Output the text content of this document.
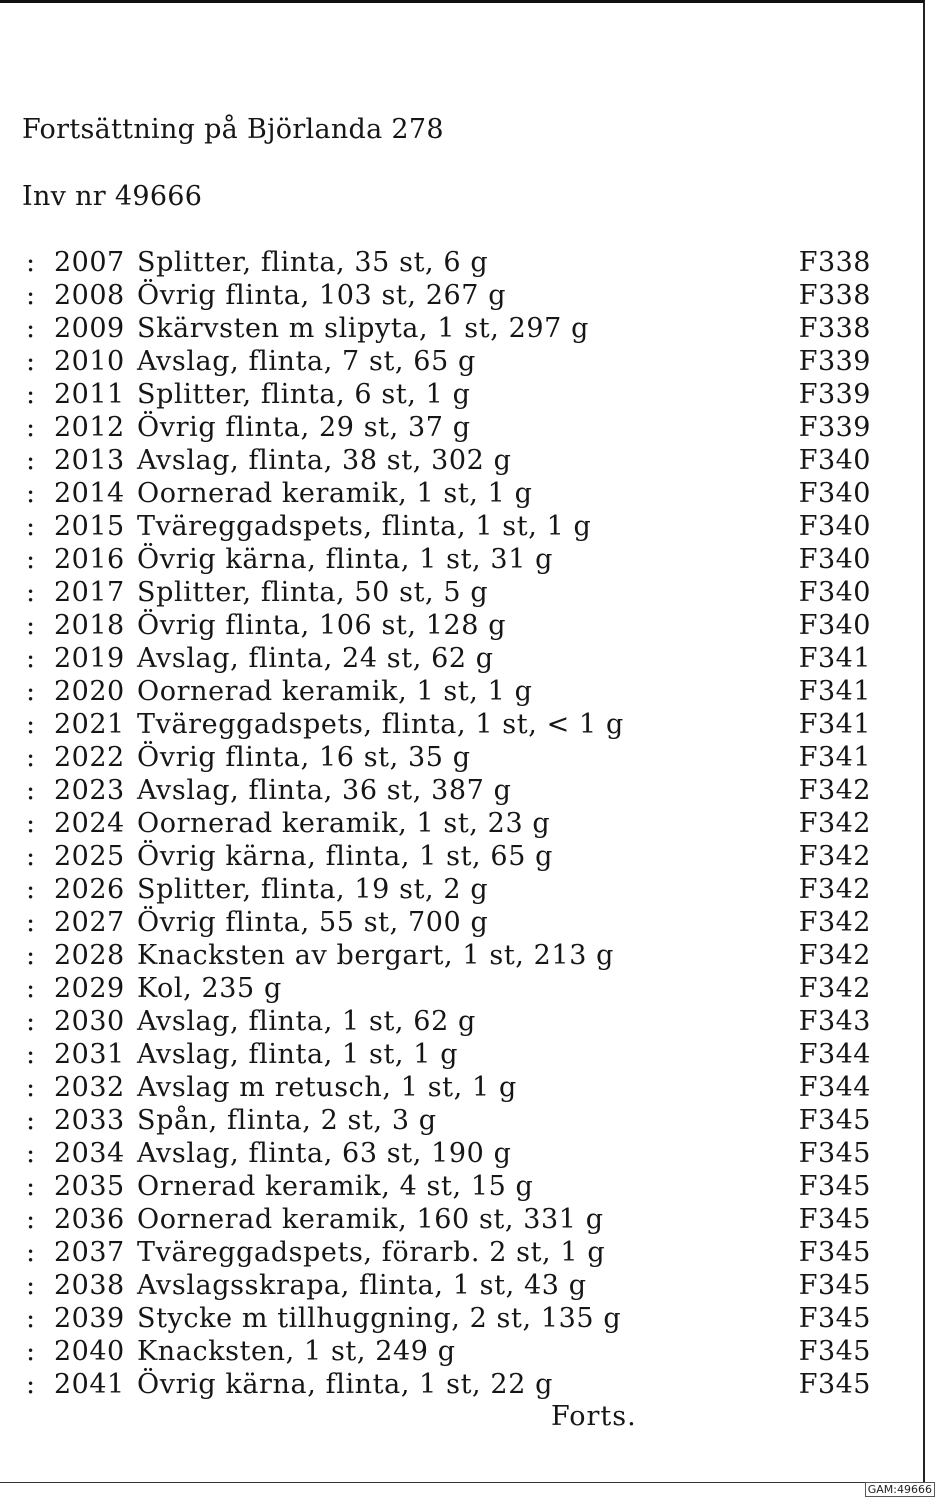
Fortsättning på Björlanda 278
Inv nr 49666
: 2007 Splitter, flinta, 35 st, 6 g	F338
: 2008 Övrig flinta, 103 st, 267 g	F338
: 2009 Skärvsten m slipyta, 1 st, 297 g	F338
: 2010 Avslag, flinta, 7 st, 65 g	F339
: 2011 Splitter, flinta, 6 st, 1 g	F339
: 2012 Övrig flinta, 29 st, 37 g	F339
: 2013 Avslag, flinta, 38 st, 302 g	F340
: 2014 Oornerad keramik, 1 st, 1 g	F340
: 2015 Tväreggadspets, flinta, 1 st, 1 g	F340
: 2016 Övrig kärna, flinta, 1 st, 31 g	F340
: 2017 Splitter, flinta, 50 st, 5 g	F340
: 2018 Övrig flinta, 106 st, 128 g	F340
: 2019 Avslag, flinta, 24 st, 62 g	F341
: 2020 Oornerad keramik, 1 st, 1 g	F341
: 2021 Tväreggadspets, flinta, 1 st, < 1 g	F341
: 2022 Övrig flinta, 16 st, 35 g	F341
: 2023 Avslag, flinta, 36 st, 387 g	F342
: 2024 Oornerad keramik, 1 st, 23 g	F342
: 2025 Övrig kärna, flinta, 1 st, 65 g	F342
: 2026 Splitter, flinta, 19 st, 2 g	F342
: 2027 Övrig flinta, 55 st, 700 g	F342
: 2028 Knacksten av bergart, 1 st, 213 g	F342
: 2029 Kol, 235 g	F342
: 2030 Avslag, flinta, 1 st, 62 g	F343
: 2031 Avslag, flinta, 1 st, 1 g	F344
: 2032 Avslag m retusch, 1 st, 1 g	F344
: 2033 Spån, flinta, 2 st, 3 g	F345
: 2034 Avslag, flinta, 63 st, 190 g	F345
: 2035 Ornerad keramik, 4 st, 15 g	F345
: 2036 Oornerad keramik, 160 st, 331 g	F345
: 2037 Tväreggadspets, förarb. 2 st, 1 g	F345
: 2038 Avslagsskrapa, flinta, 1 st, 43 g	F345
: 2039 Stycke m tillhuggning, 2 st, 135 g	F345
: 2040 Knacksten, 1 st, 249 g	F345
: 2041 Övrig kärna, flinta, 1 st, 22 g	F345
Forts.
GAM:49666
